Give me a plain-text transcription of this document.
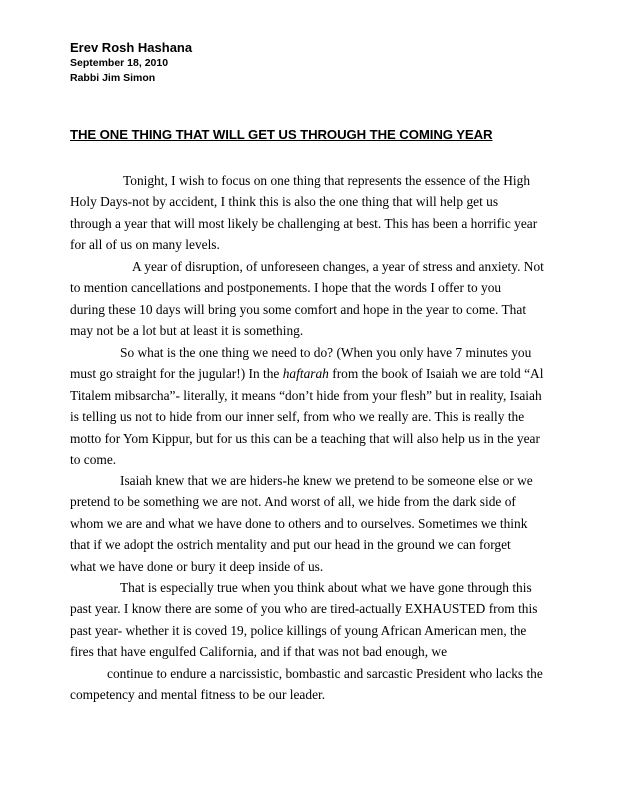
Erev Rosh Hashana
September 18, 2010
Rabbi Jim Simon
THE ONE THING THAT WILL GET US THROUGH THE COMING YEAR

Tonight, I wish to focus on one thing that represents the essence of the High
Holy Days-not by accident, I think this is also the one thing that will help get us
through a year that will most likely be challenging at best. This has been a horrific year
for all of us on many levels.

A year of disruption, of unforeseen changes, a year of stress and anxiety. Not
to mention cancellations and postponements. I hope that the words I offer to you
during these 10 days will bring you some comfort and hope in the year to come. That
may not be a lot but at least it is something.

So what is the one thing we need to do? (When you only have 7 minutes you
must go straight for the jugular!) In the haftarah from the book of Isaiah we are told “Al
Titalem mibsarcha”- literally, it means “don’t hide from your flesh” but in reality, Isaiah
is telling us not to hide from our inner self, from who we really are. This is really the
motto for Yom Kippur, but for us this can be a teaching that will also help us in the year
to come.

Isaiah knew that we are hiders-he knew we pretend to be someone else or we
pretend to be something we are not. And worst of all, we hide from the dark side of
whom we are and what we have done to others and to ourselves. Sometimes we think
that if we adopt the ostrich mentality and put our head in the ground we can forget
what we have done or bury it deep inside of us.

That is especially true when you think about what we have gone through this
past year. I know there are some of you who are tired-actually EXHAUSTED from this
past year- whether it is coved 19, police killings of young African American men, the
fires that have engulfed California, and if that was not bad enough, we

continue to endure a narcissistic, bombastic and sarcastic President who lacks the
competency and mental fitness to be our leader.
